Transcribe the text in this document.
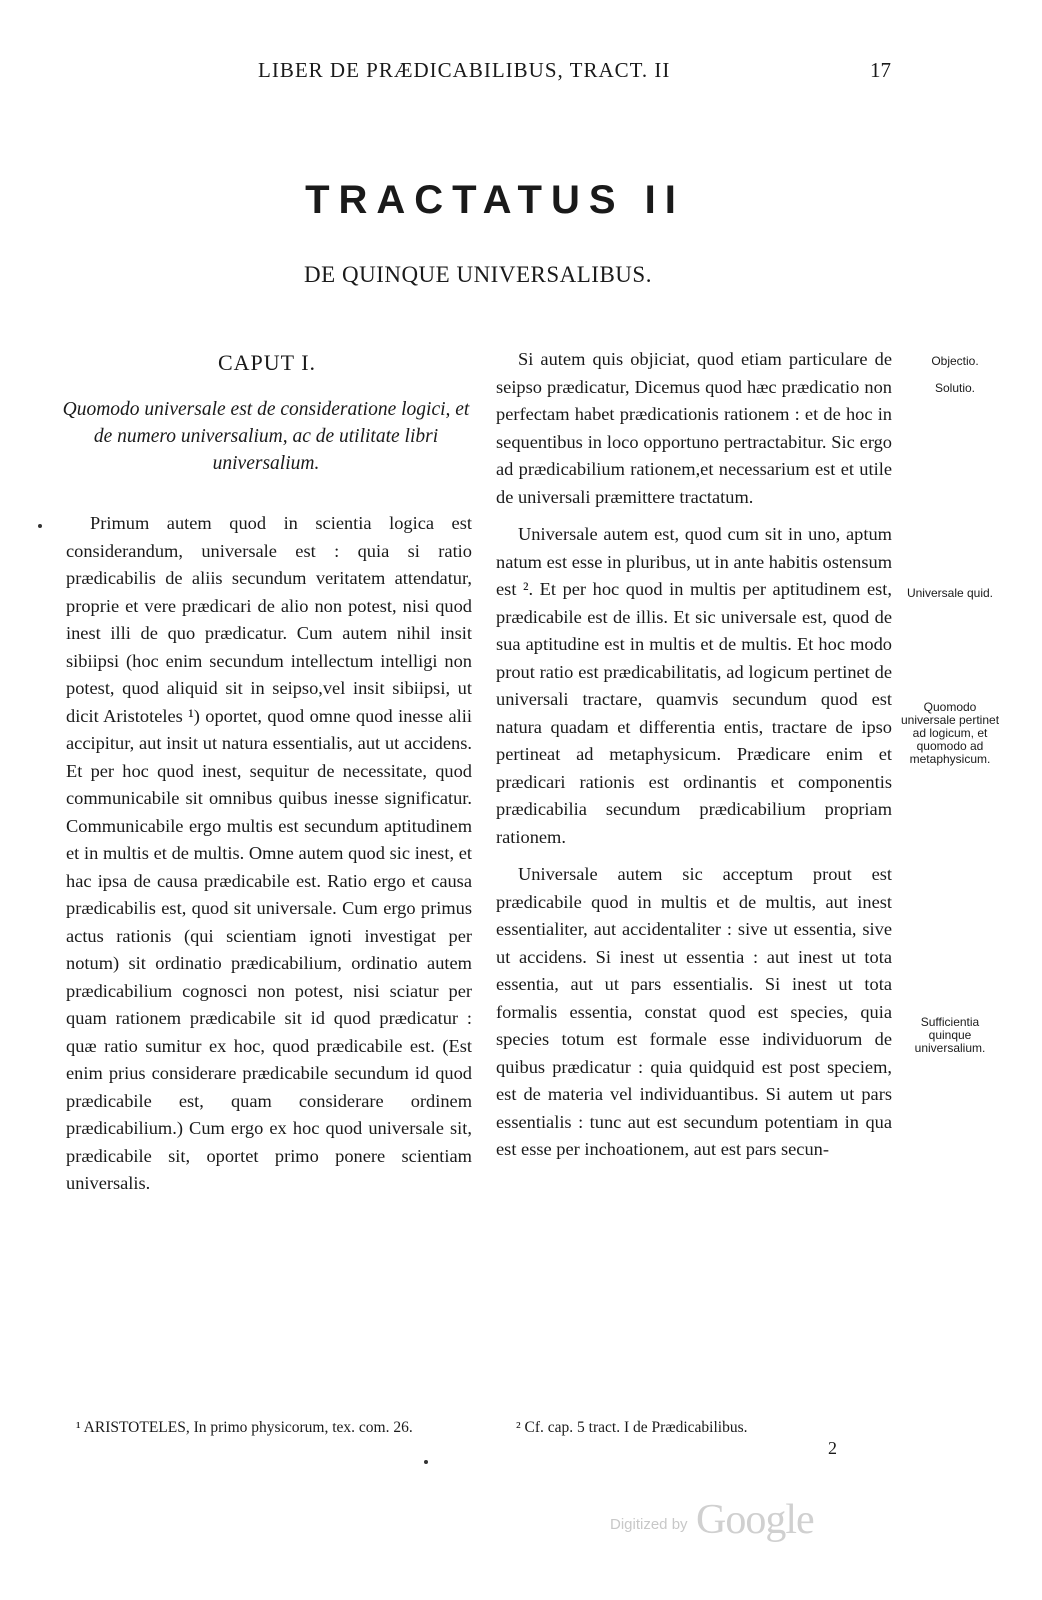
LIBER DE PRÆDICABILIBUS, TRACT. II	17
TRACTATUS II
DE QUINQUE UNIVERSALIBUS.
CAPUT I.
Quomodo universale est de consideratione logici, et de numero universalium, ac de utilitate libri universalium.

Primum autem quod in scientia logica est considerandum, universale est : quia si ratio prædicabilis de aliis secundum veritatem attendatur, proprie et vere prædicari de alio non potest, nisi quod inest illi de quo prædicatur. Cum autem nihil insit sibiipsi (hoc enim secundum intellectum intelligi non potest, quod aliquid sit in seipso,vel insit sibiipsi, ut dicit Aristoteles ¹) oportet, quod omne quod inesse alii accipitur, aut insit ut natura essentialis, aut ut accidens. Et per hoc quod inest, sequitur de necessitate, quod communicabile sit omnibus quibus inesse significatur. Communicabile ergo multis est secundum aptitudinem et in multis et de multis. Omne autem quod sic inest, et hac ipsa de causa prædicabile est. Ratio ergo et causa prædicabilis est, quod sit universale. Cum ergo primus actus rationis (qui scientiam ignoti investigat per notum) sit ordinatio prædicabilium, ordinatio autem prædicabilium cognosci non potest, nisi sciatur per quam rationem prædicabile sit id quod prædicatur : quæ ratio sumitur ex hoc, quod prædicabile est. (Est enim prius considerare prædicabile secundum id quod prædicabile est, quam considerare ordinem prædicabilium.) Cum ergo ex hoc quod universale sit, prædicabile sit, oportet primo ponere scientiam universalis.

Si autem quis objiciat, quod etiam particulare de seipso prædicatur, Dicemus quod hæc prædicatio non perfectam habet prædicationis rationem : et de hoc in sequentibus in loco opportuno pertractabitur. Sic ergo ad prædicabilium rationem,et necessarium est et utile de universali præmittere tractatum.

Universale autem est, quod cum sit in uno, aptum natum est esse in pluribus, ut in ante habitis ostensum est ². Et per hoc quod in multis per aptitudinem est, prædicabile est de illis. Et sic universale est, quod de sua aptitudine est in multis et de multis. Et hoc modo prout ratio est prædicabilitatis, ad logicum pertinet de universali tractare, quamvis secundum quod est natura quadam et differentia entis, tractare de ipso pertineat ad metaphysicum. Prædicare enim et prædicari rationis est ordinantis et componentis prædicabilia secundum prædicabilium propriam rationem.

Universale autem sic acceptum prout est prædicabile quod in multis et de multis, aut inest essentialiter, aut accidentaliter : sive ut essentia, sive ut accidens. Si inest ut essentia : aut inest ut tota essentia, aut ut pars essentialis. Si inest ut tota formalis essentia, constat quod est species, quia species totum est formale esse individuorum de quibus prædicatur : quia quidquid est post speciem, est de materia vel individuantibus. Si autem ut pars essentialis : tunc aut est secundum potentiam in qua est esse per inchoationem, aut est pars secun-

Objectio.
Solutio.
Universale quid.
Quomodo universale pertinet ad logicum, et quomodo ad metaphysicum.
Sufficientia quinque universalium.
¹ ARISTOTELES, In primo physicorum, tex. com. 26.	² Cf. cap. 5 tract. I de Prædicabilibus.
2
Digitized by Google
